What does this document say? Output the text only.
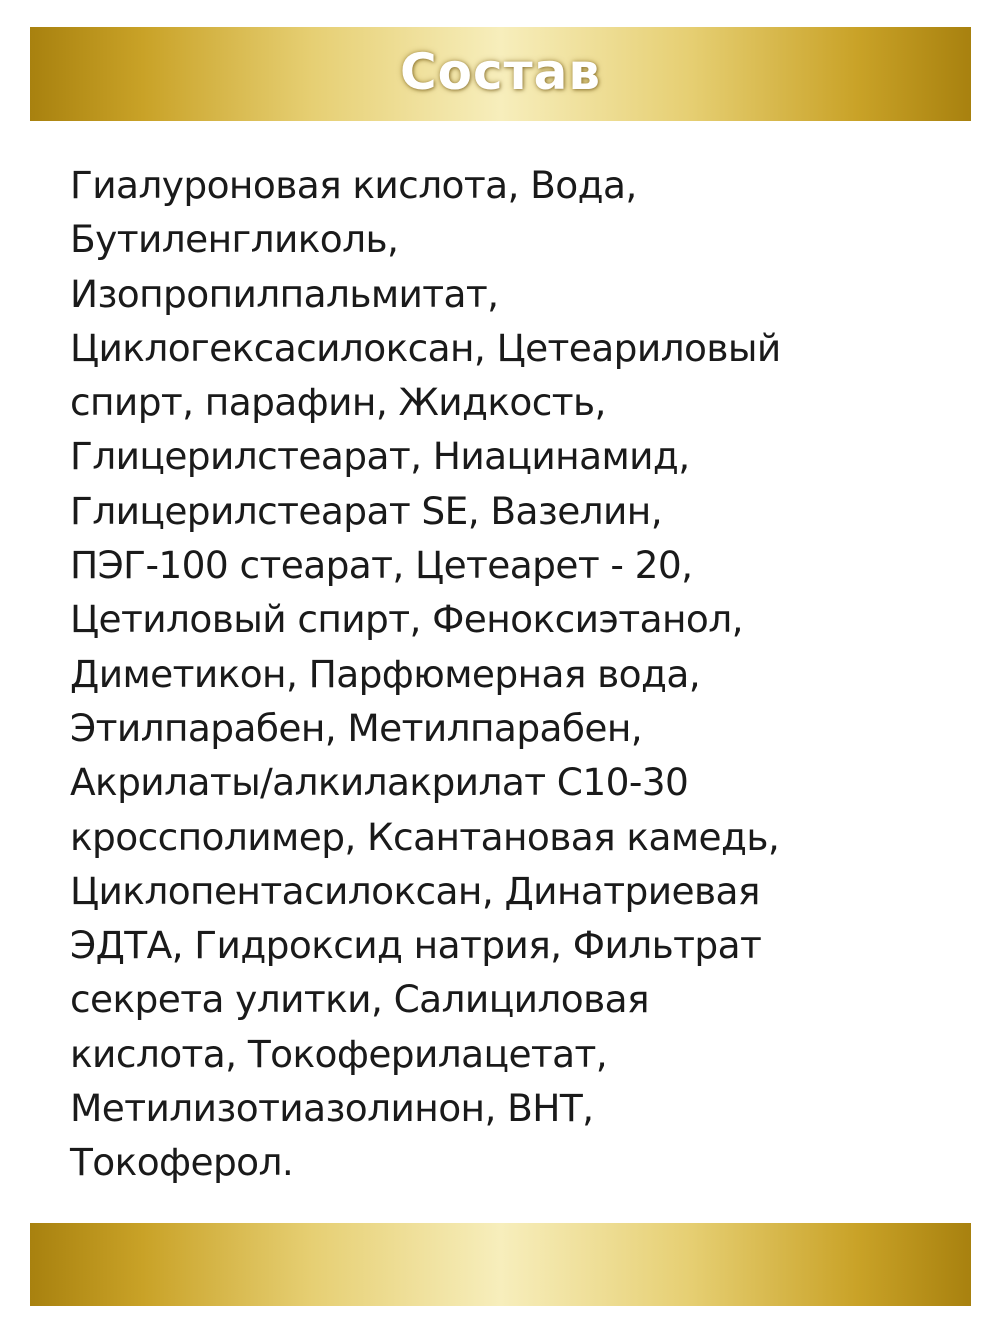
Состав
Гиалуроновая кислота, Вода,
Бутиленгликоль,
Изопропилпальмитат,
Циклогексасилоксан, Цетеариловый
спирт, парафин, Жидкость,
Глицерилстеарат, Ниацинамид,
Глицерилстеарат SE, Вазелин,
ПЭГ-100 стеарат, Цетеарет - 20,
Цетиловый спирт, Феноксиэтанол,
Диметикон, Парфюмерная вода,
Этилпарабен, Метилпарабен,
Акрилаты/алкилакрилат С10-30
кроссполимер, Ксантановая камедь,
Циклопентасилоксан, Динатриевая
ЭДТА, Гидроксид натрия, Фильтрат
секрета улитки, Салициловая
кислота, Токоферилацетат,
Метилизотиазолинон, BHT,
Токоферол.
